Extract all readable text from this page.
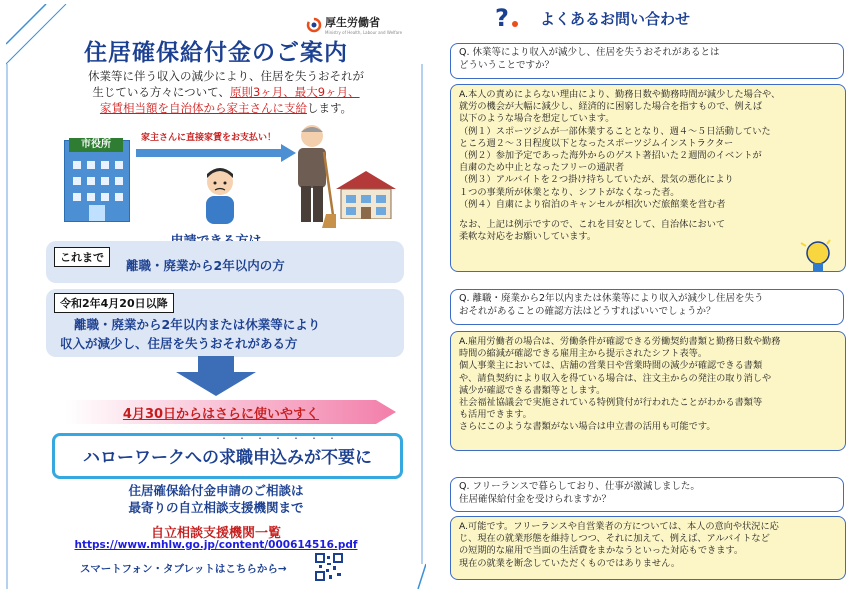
厚生労働省
Ministry of Health, Labour and Welfare
住居確保給付金のご案内
休業等に伴う収入の減少により、住居を失うおそれが
生じている方々について、原則3ヶ月、最大9ヶ月、
家賃相当額を自治体から家主さんに支給します。
市役所
家主さんに直接家賃をお支払い！
これまで
離職・廃業から2年以内の方
令和2年4月20日以降
離職・廃業から2年以内または休業等により
収入が減少し、住居を失うおそれがある方
4月30日からはさらに使いやすく
・・・・・・・
ハローワークへの求職申込みが不要に
住居確保給付金申請のご相談は
最寄りの自立相談支援機関まで
自立相談支援機関一覧
https://www.mhlw.go.jp/content/000614516.pdf
スマートフォン・タブレットはこちらから→
? よくあるお問い合わせ
Q. 休業等により収入が減少し、住居を失うおそれがあるとは
どういうことですか？

A.本人の責めによらない理由により、勤務日数や勤務時間が減少した場合や、
就労の機会が大幅に減少し、経済的に困窮した場合を指すもので、例えば
以下のような場合を想定しています。

（例１）スポーツジムが一部休業することとなり、週４～５日活動していた
ところ週２～３日程度以下となったスポーツジムインストラクター

（例２）参加予定であった海外からのゲスト著招いた２週間のイベントが
自粛のため中止となったフリーの通訳者

（例３）アルバイトを２つ掛け持ちしていたが、景気の悪化により
１つの事業所が休業となり、シフトがなくなった者。

（例４）自粛により宿泊のキャンセルが相次いだ旅館業を営む者

なお、上記は例示ですので、これを目安として、自治体において
柔軟な対応をお願いしています。

Q. 離職・廃業から2年以内または休業等により収入が減少し住居を失う
おそれがあることの確認方法はどうすればいいでしょうか？

A.雇用労働者の場合は、労働条件が確認できる労働契約書類と勤務日数や勤務
時間の縮減が確認できる雇用主から提示されたシフト表等。

個人事業主においては、店舗の営業日や営業時間の減少が確認できる書類
や、請負契約により収入を得ている場合は、注文主からの発注の取り消しや
減少が確認できる書類等とします。

社会福祉協議会で実施されている特例貸付が行われたことがわかる書類等
も活用できます。

さらにこのような書類がない場合は申立書の活用も可能です。

Q. フリーランスで暮らしており、仕事が激減しました。
住居確保給付金を受けられますか？
A.可能です。フリーランスや自営業者の方については、本人の意向や状況に応
じ、現在の就業形態を維持しつつ、それに加えて、例えば、アルバイトなど
の短期的な雇用で当面の生活費をまかなうといった対応もできます。
現在の就業を断念していただくものではありません。
